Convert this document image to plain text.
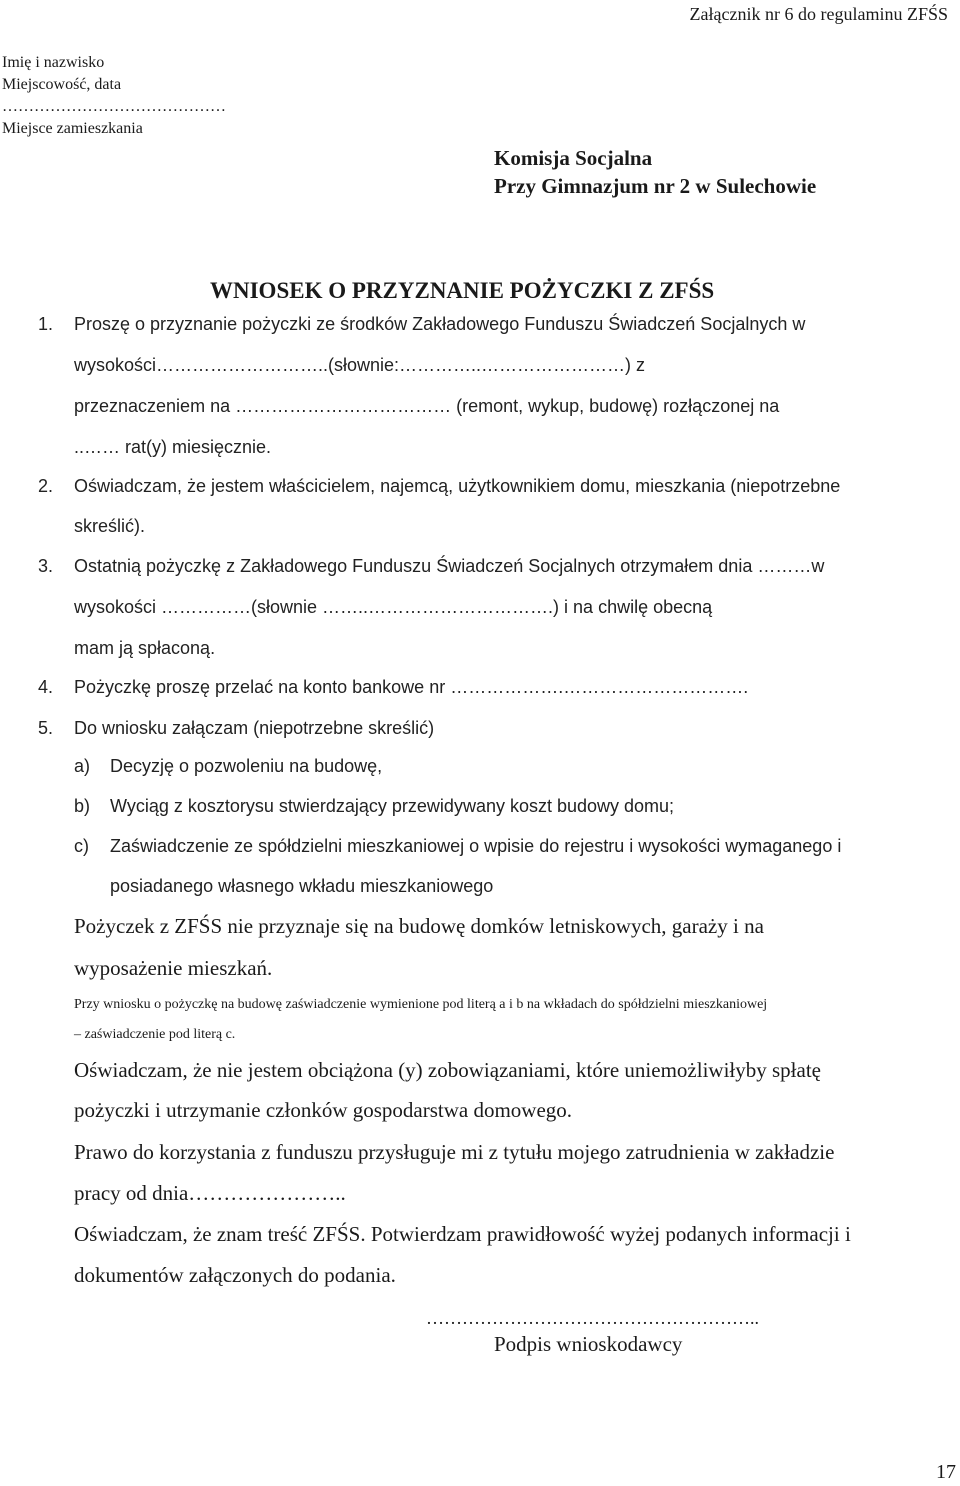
Załącznik nr 6 do regulaminu ZFŚS
Imię i nazwisko
Miejscowość, data
……………………………………
Miejsce zamieszkania
Komisja Socjalna
Przy Gimnazjum nr 2 w Sulechowie
WNIOSEK O PRZYZNANIE POŻYCZKI Z ZFŚS
1. Proszę o przyznanie pożyczki ze środków Zakładowego Funduszu Świadczeń Socjalnych w
wysokości………………………..(słownie:…………..……………………) z
przeznaczeniem na ……………………………… (remont, wykup, budowę) rozłączonej na
..…… rat(y) miesięcznie.
2. Oświadczam, że jestem właścicielem, najemcą, użytkownikiem domu, mieszkania (niepotrzebne
skreślić).
3. Ostatnią pożyczkę z Zakładowego Funduszu Świadczeń Socjalnych otrzymałem dnia ………w
wysokości ……………(słownie ……..………………………….) i na chwilę obecną
mam ją spłaconą.
4. Pożyczkę proszę przelać na konto bankowe nr ……………….………………………….
5. Do wniosku załączam (niepotrzebne skreślić)
a) Decyzję o pozwoleniu na budowę,
b) Wyciąg z kosztorysu stwierdzający przewidywany koszt budowy domu;
c) Zaświadczenie ze spółdzielni mieszkaniowej o wpisie do rejestru i wysokości wymaganego i
posiadanego własnego wkładu mieszkaniowego
Pożyczek z ZFŚS nie przyznaje się na budowę domków letniskowych, garaży i na
wyposażenie mieszkań.
Przy wniosku o pożyczkę na budowę zaświadczenie wymienione pod literą a i b na wkładach do spółdzielni mieszkaniowej
– zaświadczenie pod literą c.
Oświadczam, że nie jestem obciążona (y) zobowiązaniami, które uniemożliwiłyby spłatę
pożyczki i utrzymanie członków gospodarstwa domowego.
Prawo do korzystania z funduszu przysługuje mi z tytułu mojego zatrudnienia w zakładzie
pracy od dnia…………………..
Oświadczam, że znam treść ZFŚS. Potwierdzam prawidłowość wyżej podanych informacji i
dokumentów załączonych do podania.
………………………………………………..
Podpis wnioskodawcy
17
